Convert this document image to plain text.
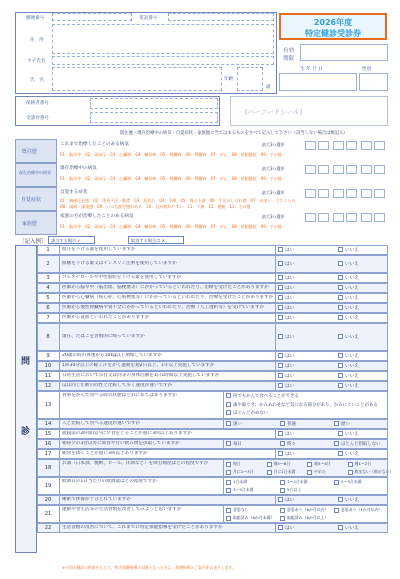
郵便番号	電話番号
住　所
カナ氏名
氏　名	年齢
歳
2026年度
特定健診受診券
有効
期限
生 年 月 日	性別
保険者番号
受診券番号
[バーコードシール]
既往歴・現在治療中の病気・自覚症状・家族歴に当てはまるものをすべて記入して下さい（該当しない場合は無記入）
既往歴
現在治療中の病気
自覚症状
家族歴
これまで治療したことのある病気	最大3つ選択
01：脳卒中　02：高血圧　03：心臓病　04：糖尿病　05：腎臓病　06：腎臓病　07：がん　08：骨粗鬆症　09：その他
現在治療中の病気	最大3つ選択
01：脳卒中　02：高血圧　03：心臓病　04：糖尿病　05：腎臓病　06：腎臓病　07：がん　08：骨粗鬆症　09：その他
自覚する症状	最大3つ選択
01：胸部圧迫感　02：休息不足・動悸　03：息切れ　04：不眠　05：胃の不調　06：手足のしびれ感　07：めまい・立ちくらみ
08：頭痛・頭重感　09：いつも疲労感がある　10：目が疲れやすい　11：下痢　12：便秘　13：その他
家族の方が治療したことのある病気	最大3つ選択
01：脳卒中　02：高血圧　03：心臓病　04：糖尿病　05：腎臓病　06：腎臓病　07：がん　08：骨粗鬆症　09：その他
［記入例］	該当する場合 ✓	取消する場合は ✕
問
診
1	血圧を下げる薬を使用していますか	はい	いいえ
2	血糖を下げる薬又はインスリン注射を使用していますか	はい	いいえ
3	コレステロールや中性脂肪を下げる薬を使用していますか	はい	いいえ
4	医師から脳卒中（脳出血、脳梗塞等）にかかっているといわれたり、治療を受けたことがありますか	はい	いいえ
5	医師から心臓病（狭心症、心筋梗塞等）にかかっているといわれたり、治療を受けたことがありますか	はい	いいえ
6	医師から慢性腎臓病や腎不全にかかっているといわれたり、治療（人工透析等）を受けていますか	はい	いいえ
7	医師から貧血といわれたことがありますか	はい	いいえ
8	現在、たばこを習慣的に吸っていますか	はい	いいえ
9	20歳の時の体重から10kg以上増加していますか	はい	いいえ
10	1回30分以上の軽く汗をかく運動を週2日以上、1年以上実施していますか	はい	いいえ
11	日常生活において歩行又は同等の身体活動を1日1時間以上実施していますか	はい	いいえ
12	ほぼ同じ年齢の同性と比較して歩く速度が速いですか	はい	いいえ
13
食事をかんで食べる時の状態はどれにあてはまりますか	何でもかんで食べることができる
歯や歯ぐき、かみあわせなど気になる部分があり、かみにくいことがある
ほとんどかめない
14	人と比較して食べる速度が速いですか	速い	普通	遅い
15	就寝前の2時間以内に夕食をとることが週に3回以上ありますか	はい	いいえ
16	朝昼夕の3食以外に間食や甘い飲み物を摂取していますか	毎日	時々	ほとんど摂取しない
17	朝食を抜くことが週に3回以上ありますか	はい	いいえ
18
お酒（日本酒、焼酎、ビール、洋酒など）を飲む頻度はどの程度ですか	毎日	週5〜6日	週3〜4日	週1〜2日
月に1〜3日	月に1日未満	やめた	飲まない（飲めない）
19
飲酒日の1日当たりの飲酒量はどの程度ですか	1合未満	1〜2合未満	2〜3合未満
3〜5合未満	5合以上
20	睡眠で休養が十分とれていますか	はい	いいえ
21
運動や食生活等の生活習慣を改善してみようと思いますか	意思なし	意思あり（6か月以内）	意思あり（1か月以内）
取組済み（6か月未満）	取組済み（6か月以上）
22	生活習慣の改善について、これまでに特定保健指導を受けたことがありますか	はい	いいえ
※今回の健診の結果をもとに、特定保健指導の対象となった方に、保健指導のご案内をお送りします。
